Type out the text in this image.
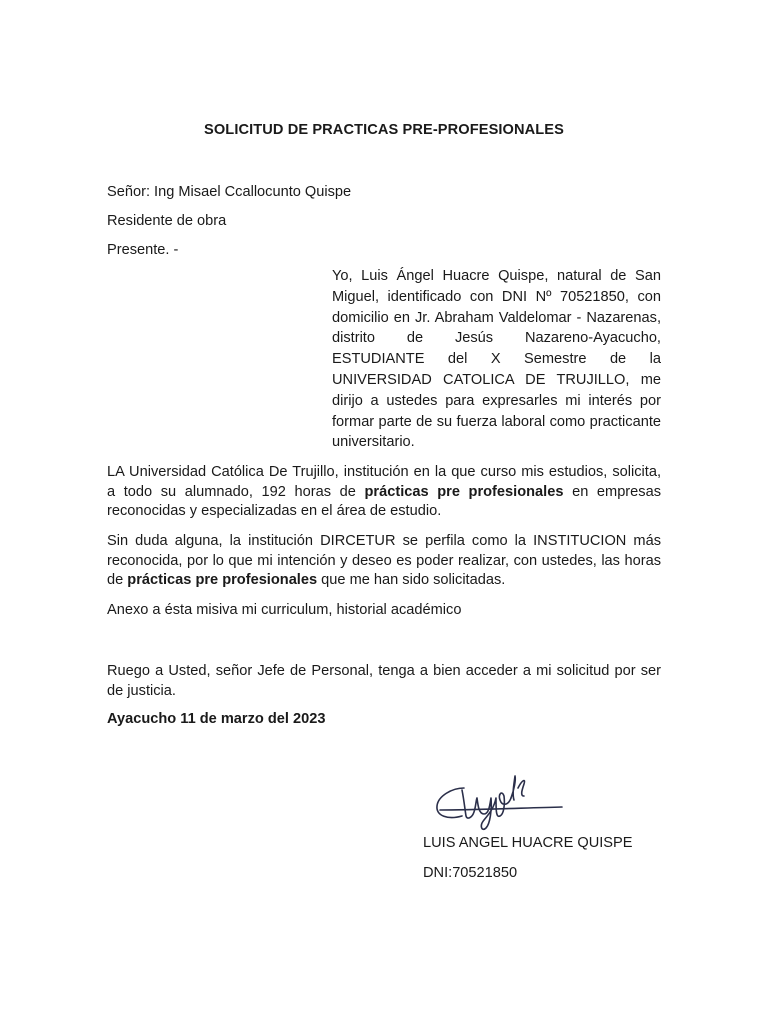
SOLICITUD DE PRACTICAS PRE-PROFESIONALES
Señor: Ing Misael Ccallocunto Quispe
Residente de obra
Presente. -
Yo, Luis Ángel Huacre Quispe, natural de San Miguel, identificado con DNI Nº 70521850, con domicilio en Jr. Abraham Valdelomar - Nazarenas, distrito de Jesús Nazareno-Ayacucho, ESTUDIANTE del X Semestre de la UNIVERSIDAD CATOLICA DE TRUJILLO, me dirijo a ustedes para expresarles mi interés por formar parte de su fuerza laboral como practicante universitario.
LA Universidad Católica De Trujillo, institución en la que curso mis estudios, solicita, a todo su alumnado, 192 horas de prácticas pre profesionales en empresas reconocidas y especializadas en el área de estudio.
Sin duda alguna, la institución DIRCETUR se perfila como la INSTITUCION más reconocida, por lo que mi intención y deseo es poder realizar, con ustedes, las horas de prácticas pre profesionales que me han sido solicitadas.
Anexo a ésta misiva mi curriculum, historial académico
Ruego a Usted, señor Jefe de Personal, tenga a bien acceder a mi solicitud por ser de justicia.
Ayacucho 11 de marzo del 2023
LUIS ANGEL HUACRE QUISPE
DNI:70521850
